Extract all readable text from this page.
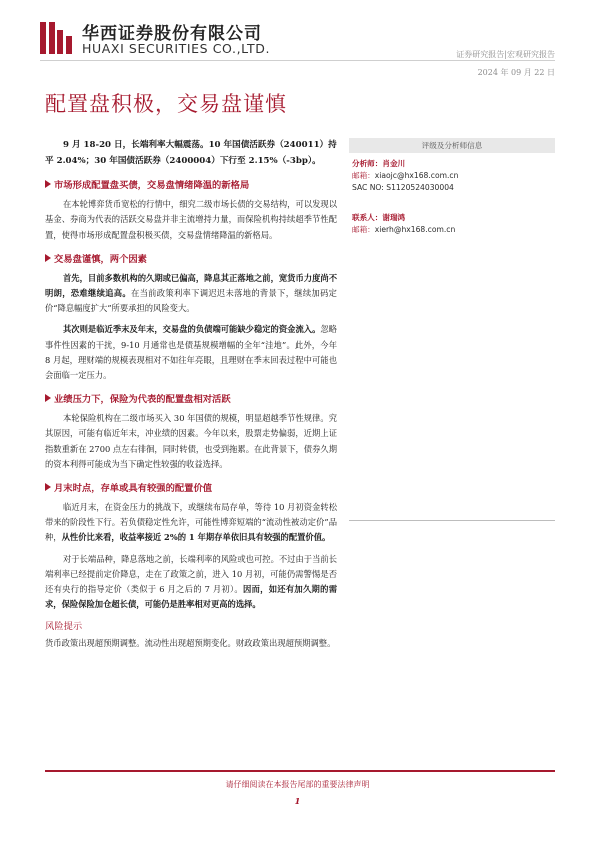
华西证券股份有限公司
HUAXI SECURITIES CO.,LTD.	证券研究报告|宏观研究报告
2024 年 09 月 22 日
配置盘积极，交易盘谨慎

9 月 18-20 日，长端利率大幅震荡。10 年国债活跃券（240011）持平 2.04%；30 年国债活跃券（2400004）下行至 2.15%（-3bp）。

市场形成配置盘买债，交易盘情绪降温的新格局

在本轮博弈货币宽松的行情中，细究二级市场长债的交易结构，可以发现以基金、券商为代表的活跃交易盘并非主流增持力量，而保险机构持续超季节性配置，使得市场形成配置盘积极买债，交易盘情绪降温的新格局。

交易盘谨慎，两个因素

首先，目前多数机构的久期或已偏高，降息其正落地之前，宽货币力度尚不明朗，恐难继续追高。在当前政策利率下调迟迟未落地的背景下，继续加码定价“降息幅度扩大”所要承担的风险变大。

其次则是临近季末及年末，交易盘的负债端可能缺少稳定的资金流入。忽略事件性因素的干扰，9-10 月通常也是债基规模增幅的全年“洼地”。此外，今年 8 月起，理财端的规模表现相对不如往年亮眼，且理财在季末回表过程中可能也会面临一定压力。

业绩压力下，保险为代表的配置盘相对活跃

本轮保险机构在二级市场买入 30 年国债的规模，明显超越季节性规律。究其原因，可能有临近年末，冲业绩的因素。今年以来，股票走势偏弱，近期上证指数重新在 2700 点左右徘徊，同时转债，也受到拖累。在此背景下，债券久期的资本利得可能成为当下确定性较强的收益选择。

月末时点，存单或具有较强的配置价值

临近月末，在资金压力的挑战下，或继续布局存单，等待 10 月初资金转松带来的阶段性下行。若负债稳定性允许，可能性博弈短端的“流动性被动定价”品种，从性价比来看，收益率接近 2%的 1 年期存单依旧具有较强的配置价值。

对于长端品种，降息落地之前，长端利率的风险或也可控。不过由于当前长端利率已经提前定价降息，走在了政策之前，进入 10 月初，可能仍需警惕是否还有央行的指导定价（类似于 6 月之后的 7 月初）。因而，如还有加久期的需求，保险保险加仓超长债，可能仍是胜率相对更高的选择。

风险提示
货币政策出现超预期调整。流动性出现超预期变化。财政政策出现超预期调整。
评级及分析师信息
分析师：肖金川
邮箱：xiaojc@hx168.com.cn
SAC NO: S1120524030004
联系人：谢瑞鸿
邮箱：xierh@hx168.com.cn
请仔细阅读在本报告尾部的重要法律声明
1
